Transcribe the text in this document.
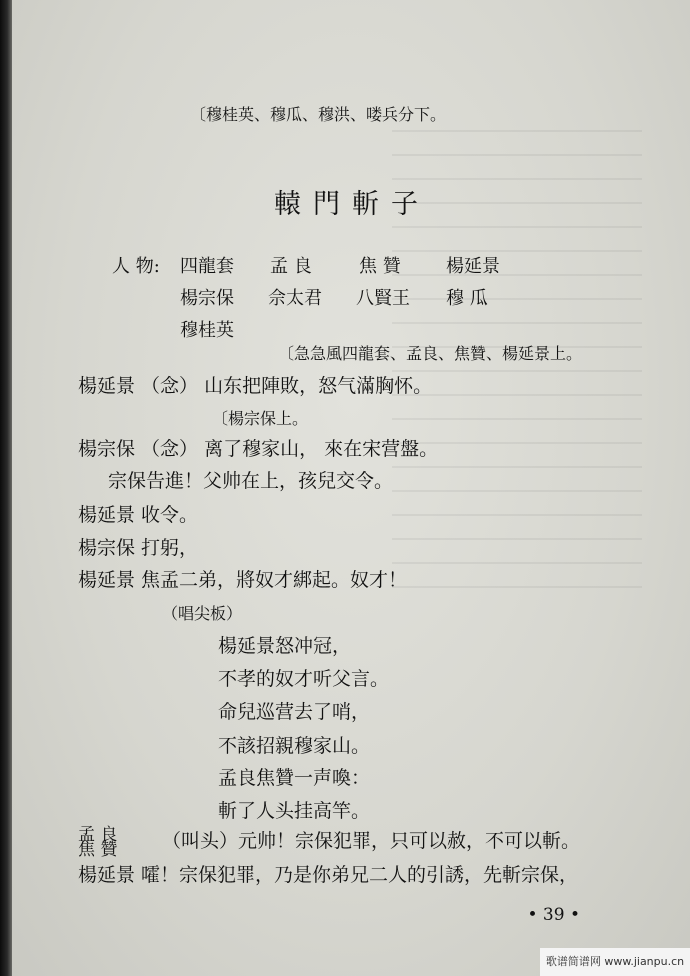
〔穆桂英、穆瓜、穆洪、喽兵分下。
轅門斬子
人 物: 四龍套 孟 良	焦 贊	楊延景
楊宗保 佘太君 八賢王 穆 瓜
穆桂英
〔急急風四龍套、孟良、焦贊、楊延景上。
楊延景 （念） 山东把陣敗，怒气滿胸怀。
〔楊宗保上。
楊宗保 （念） 离了穆家山， 來在宋营盤。
宗保告進！父帅在上，孩兒交令。
楊延景 收令。
楊宗保 打躬，
楊延景 焦孟二弟，將奴才綁起。奴才！
（唱尖板）
楊延景怒冲冠，
不孝的奴才听父言。
命兒巡营去了哨，
不該招親穆家山。
孟良焦贊一声喚：
斬了人头挂高竿。
孟 良
焦 贊 （叫头）元帅！宗保犯罪，只可以赦，不可以斬。
楊延景 嚯！宗保犯罪，乃是你弟兄二人的引誘，先斬宗保，
• 39 •
歌谱简谱网 www.jianpu.cn
